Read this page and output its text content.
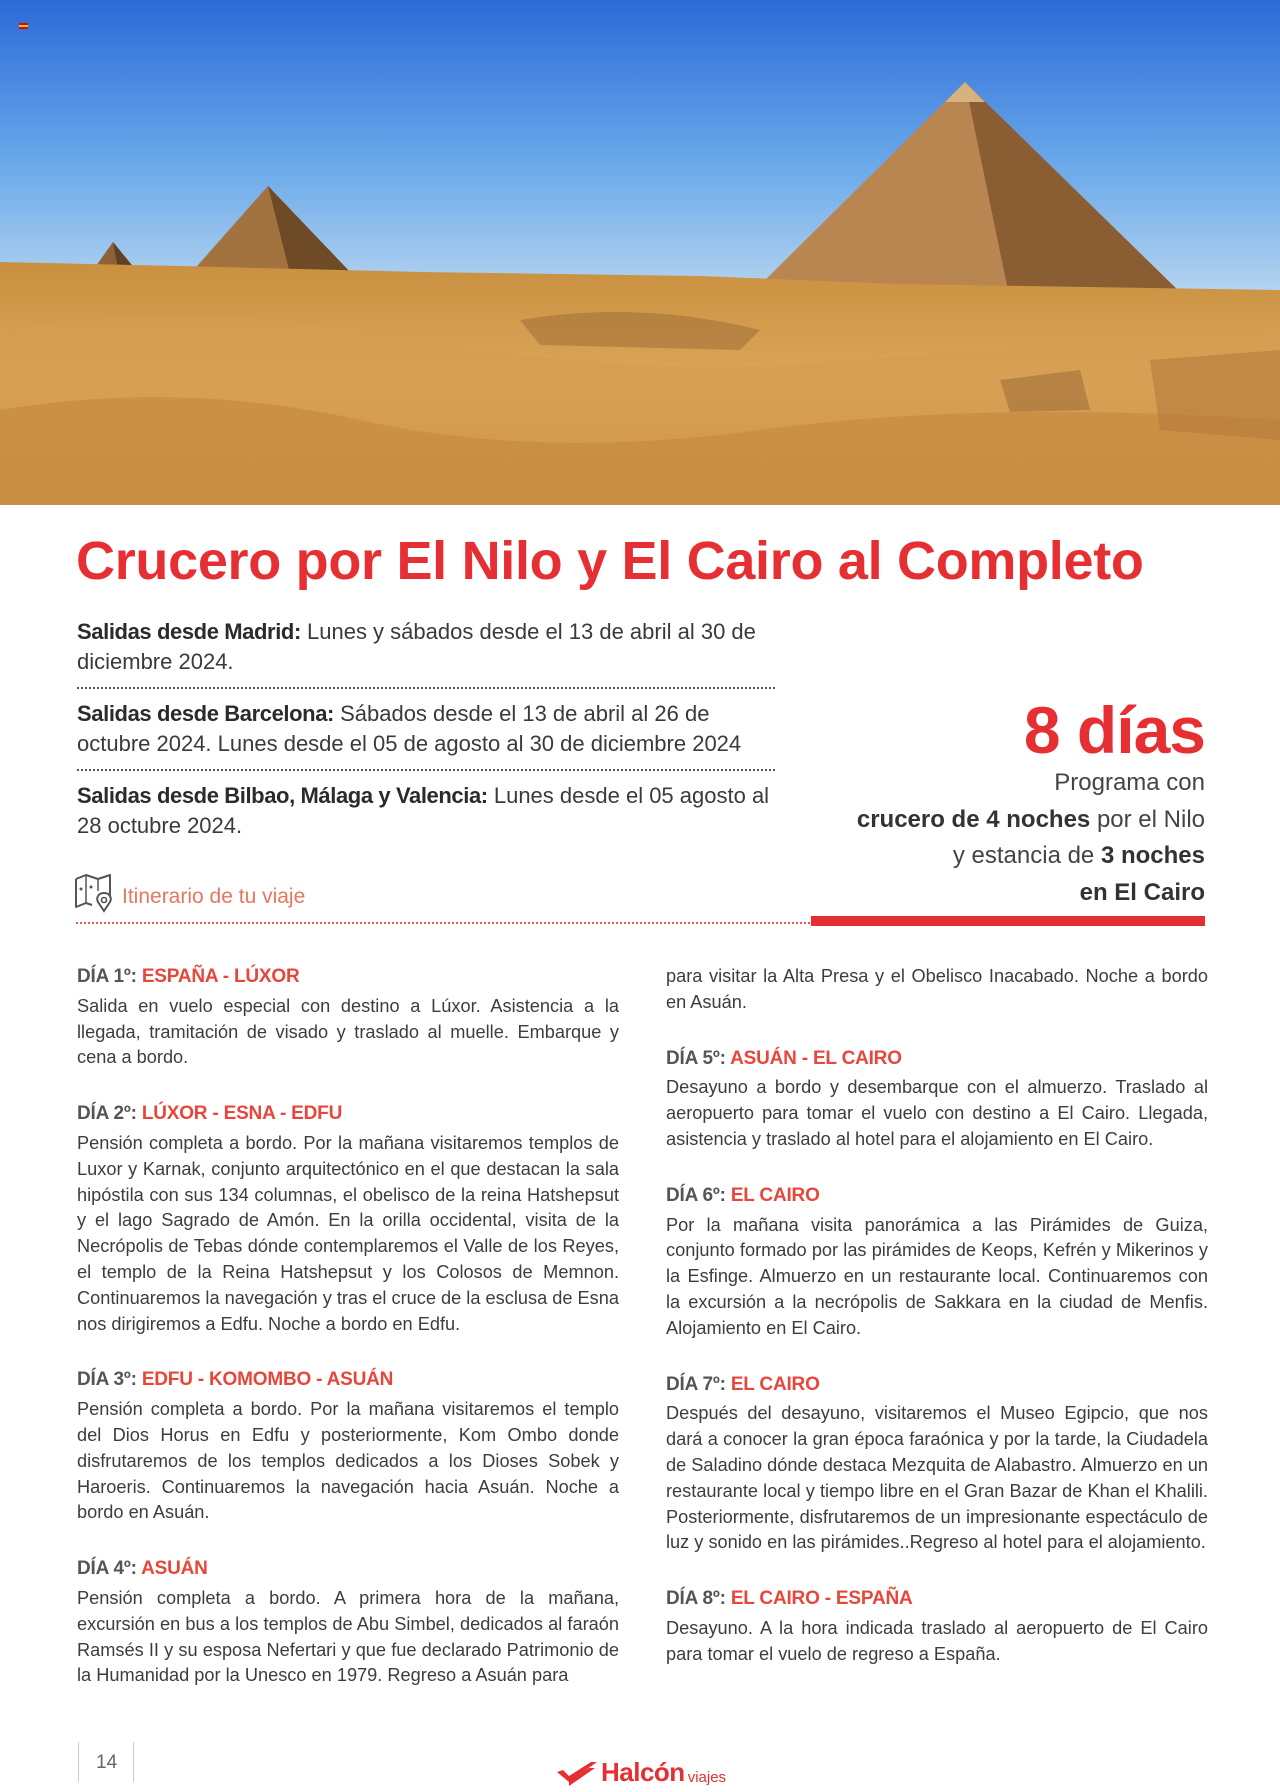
Crucero por El Nilo y El Cairo al Completo
Salidas desde Madrid: Lunes y sábados desde el 13 de abril al 30 de diciembre 2024.
Salidas desde Barcelona: Sábados desde el 13 de abril al 26 de octubre 2024. Lunes desde el 05 de agosto al 30 de diciembre 2024
Salidas desde Bilbao, Málaga y Valencia: Lunes desde el 05 agosto al 28 octubre 2024.
Itinerario de tu viaje
8 días
Programa con
crucero de 4 noches por el Nilo y estancia de 3 noches
en El Cairo
DÍA 1º: ESPAÑA - LÚXOR

Salida en vuelo especial con destino a Lúxor. Asistencia a la llegada, tramitación de visado y traslado al muelle. Embarque y cena a bordo.

DÍA 2º: LÚXOR - ESNA - EDFU

Pensión completa a bordo. Por la mañana visitaremos templos de Luxor y Karnak, conjunto arquitectónico en el que destacan la sala hipóstila con sus 134 columnas, el obelisco de la reina Hatshepsut y el lago Sagrado de Amón. En la orilla occidental, visita de la Necrópolis de Tebas dónde contemplaremos el Valle de los Reyes, el templo de la Reina Hatshepsut y los Colosos de Memnon. Continuaremos la navegación y tras el cruce de la esclusa de Esna nos dirigiremos a Edfu. Noche a bordo en Edfu.

DÍA 3º: EDFU - KOMOMBO - ASUÁN

Pensión completa a bordo. Por la mañana visitaremos el templo del Dios Horus en Edfu y posteriormente, Kom Ombo donde disfrutaremos de los templos dedicados a los Dioses Sobek y Haroeris. Continuaremos la navegación hacia Asuán. Noche a bordo en Asuán.

DÍA 4º: ASUÁN

Pensión completa a bordo. A primera hora de la mañana, excursión en bus a los templos de Abu Simbel, dedicados al faraón Ramsés II y su esposa Nefertari y que fue declarado Patrimonio de la Humanidad por la Unesco en 1979. Regreso a Asuán para

para visitar la Alta Presa y el Obelisco Inacabado. Noche a bordo en Asuán.

DÍA 5º: ASUÁN - EL CAIRO

Desayuno a bordo y desembarque con el almuerzo. Traslado al aeropuerto para tomar el vuelo con destino a El Cairo. Llegada, asistencia y traslado al hotel para el alojamiento en El Cairo.

DÍA 6º: EL CAIRO

Por la mañana visita panorámica a las Pirámides de Guiza, conjunto formado por las pirámides de Keops, Kefrén y Mikerinos y la Esfinge. Almuerzo en un restaurante local. Continuaremos con la excursión a la necrópolis de Sakkara en la ciudad de Menfis. Alojamiento en El Cairo.

DÍA 7º: EL CAIRO

Después del desayuno, visitaremos el Museo Egipcio, que nos dará a conocer la gran época faraónica y por la tarde, la Ciudadela de Saladino dónde destaca Mezquita de Alabastro. Almuerzo en un restaurante local y tiempo libre en el Gran Bazar de Khan el Khalili. Posteriormente, disfrutaremos de un impresionante espectáculo de luz y sonido en las pirámides..Regreso al hotel para el alojamiento.

DÍA 8º: EL CAIRO - ESPAÑA

Desayuno. A la hora indicada traslado al aeropuerto de El Cairo para tomar el vuelo de regreso a España.

14	Halcón viajes
